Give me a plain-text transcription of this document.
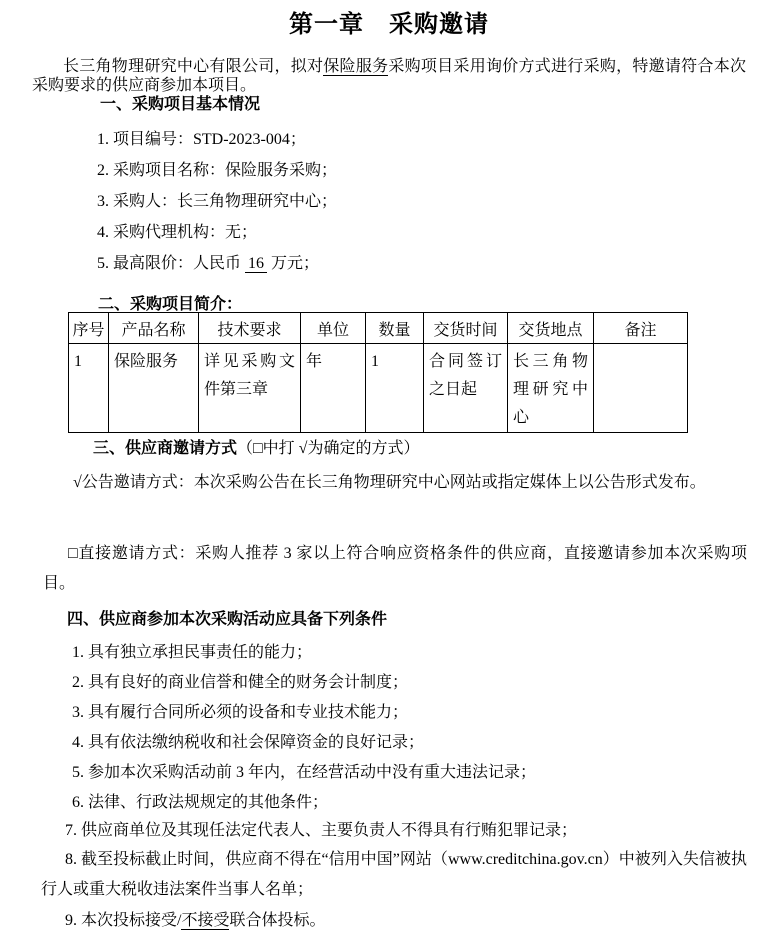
第一章　采购邀请
长三角物理研究中心有限公司，拟对保险服务采购项目采用询价方式进行采购，特邀请符合本次采购要求的供应商参加本项目。
一、采购项目基本情况
1. 项目编号：STD-2023-004；
2. 采购项目名称：保险服务采购；
3. 采购人：长三角物理研究中心；
4. 采购代理机构：无；
5. 最高限价：人民币 16 万元；
二、采购项目简介：
序号	产品名称	技术要求	单位	数量	交货时间	交货地点	备注
1	保险服务	详见采购文件第三章	年	1	合同签订之日起	长三角物理研究中心	
三、供应商邀请方式（□中打 √为确定的方式）
√公告邀请方式：本次采购公告在长三角物理研究中心网站或指定媒体上以公告形式发布。
□直接邀请方式：采购人推荐 3 家以上符合响应资格条件的供应商，直接邀请参加本次采购项目。
四、供应商参加本次采购活动应具备下列条件
1. 具有独立承担民事责任的能力；
2. 具有良好的商业信誉和健全的财务会计制度；
3. 具有履行合同所必须的设备和专业技术能力；
4. 具有依法缴纳税收和社会保障资金的良好记录；
5. 参加本次采购活动前 3 年内，在经营活动中没有重大违法记录；
6. 法律、行政法规规定的其他条件；
7. 供应商单位及其现任法定代表人、主要负责人不得具有行贿犯罪记录；
8. 截至投标截止时间，供应商不得在“信用中国”网站（www.creditchina.gov.cn）中被列入失信被执行人或重大税收违法案件当事人名单；
9. 本次投标接受/不接受联合体投标。
